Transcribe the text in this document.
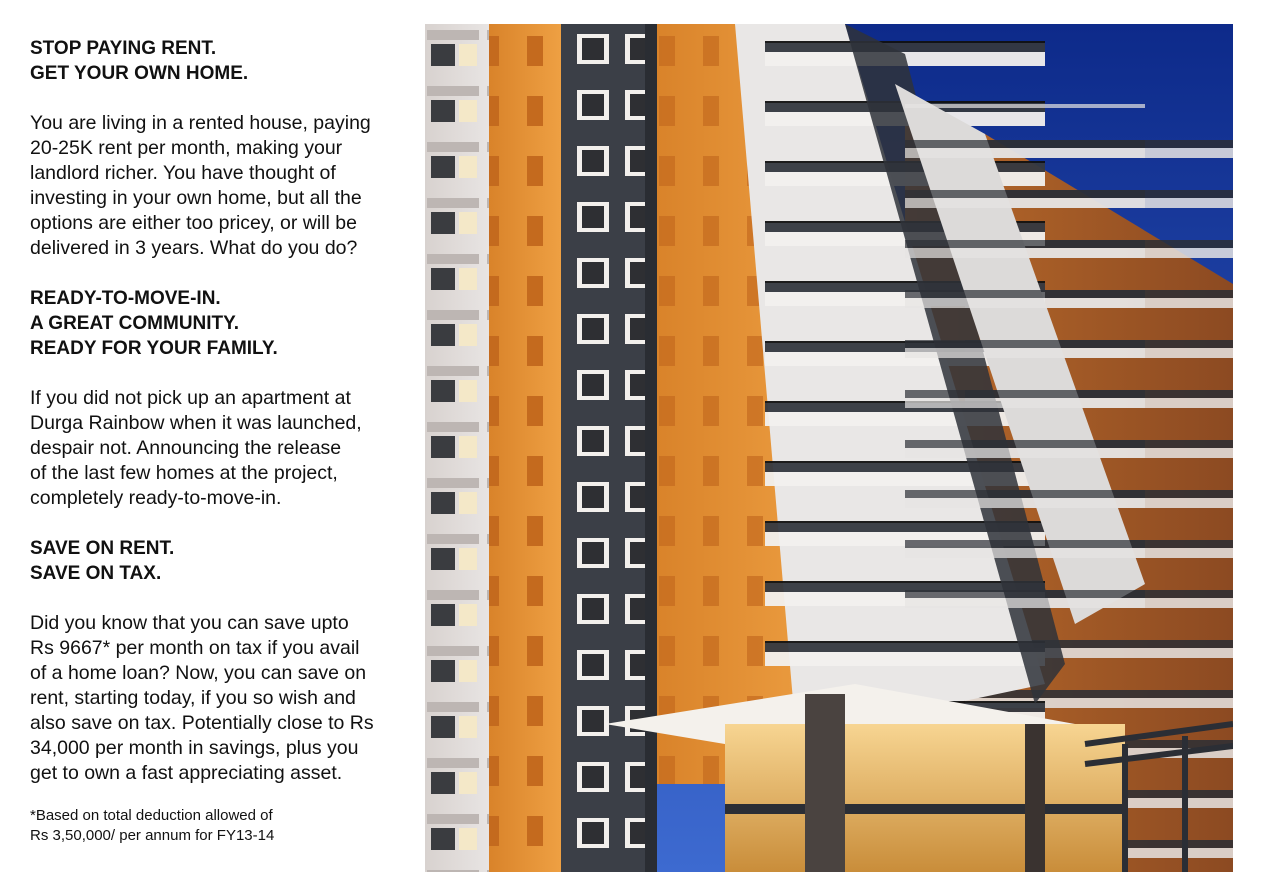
STOP PAYING RENT.
GET YOUR OWN HOME.
You are living in a rented house, paying
20-25K rent per month, making your
landlord richer. You have thought of
investing in your own home, but all the
options are either too pricey, or will be
delivered in 3 years. What do you do?
READY-TO-MOVE-IN.
A GREAT COMMUNITY.
READY FOR YOUR FAMILY.
If you did not pick up an apartment at
Durga Rainbow when it was launched,
despair not. Announcing the release
of the last few homes at the project,
completely ready-to-move-in.
SAVE ON RENT.
SAVE ON TAX.
Did you know that you can save upto
Rs 9667* per month on tax if you avail
of a home loan? Now, you can save on
rent, starting today, if you so wish and
also save on tax. Potentially close to Rs
34,000 per month in savings, plus you
get to own a fast appreciating asset.
*Based on total deduction allowed of
Rs 3,50,000/ per annum for FY13-14
